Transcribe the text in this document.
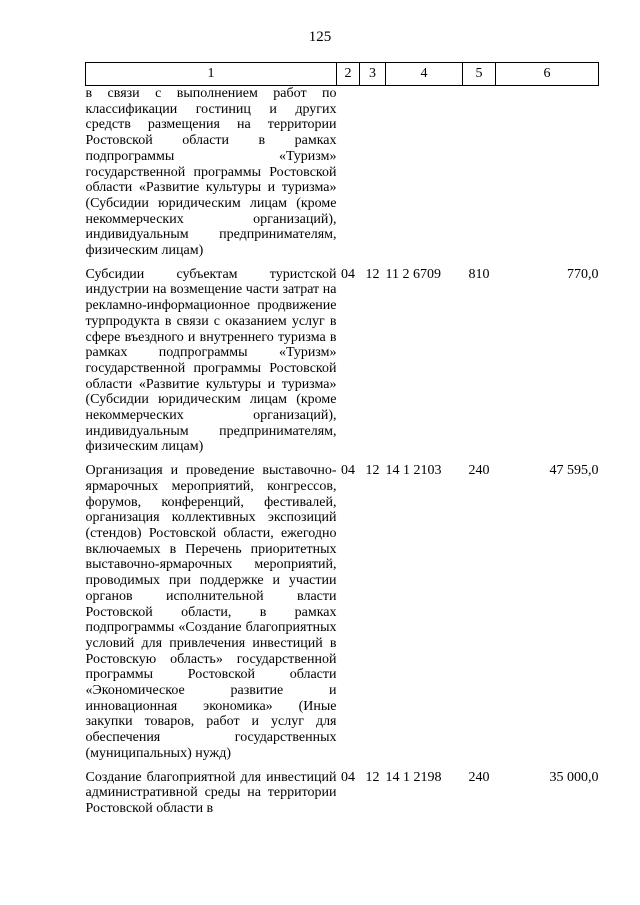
125
1	2	3	4	5	6
в связи с выполнением работ по классификации гостиниц и других средств размещения на территории Ростовской области в рамках подпрограммы «Туризм» государственной программы Ростовской области «Развитие культуры и туризма» (Субсидии юридическим лицам (кроме некоммерческих организаций), индивидуальным предпринимателям, физическим лицам)					
Субсидии субъектам туристской индустрии на возмещение части затрат на рекламно-информационное продвижение турпродукта в связи с оказанием услуг в сфере въездного и внутреннего туризма в рамках подпрограммы «Туризм» государственной программы Ростовской области «Развитие культуры и туризма» (Субсидии юридическим лицам (кроме некоммерческих организаций), индивидуальным предпринимателям, физическим лицам)	04	12	11 2 6709	810	770,0
Организация и проведение выставочно-ярмарочных мероприятий, конгрессов, форумов, конференций, фестивалей, организация коллективных экспозиций (стендов) Ростовской области, ежегодно включаемых в Перечень приоритетных выставочно-ярмарочных мероприятий, проводимых при поддержке и участии органов исполнительной власти Ростовской области, в рамках подпрограммы «Создание благоприятных условий для привлечения инвестиций в Ростовскую область» государственной программы Ростовской области «Экономическое развитие и инновационная экономика» (Иные закупки товаров, работ и услуг для обеспечения государственных (муниципальных) нужд)	04	12	14 1 2103	240	47 595,0
Создание благоприятной для инвестиций административной среды на территории Ростовской области в	04	12	14 1 2198	240	35 000,0
